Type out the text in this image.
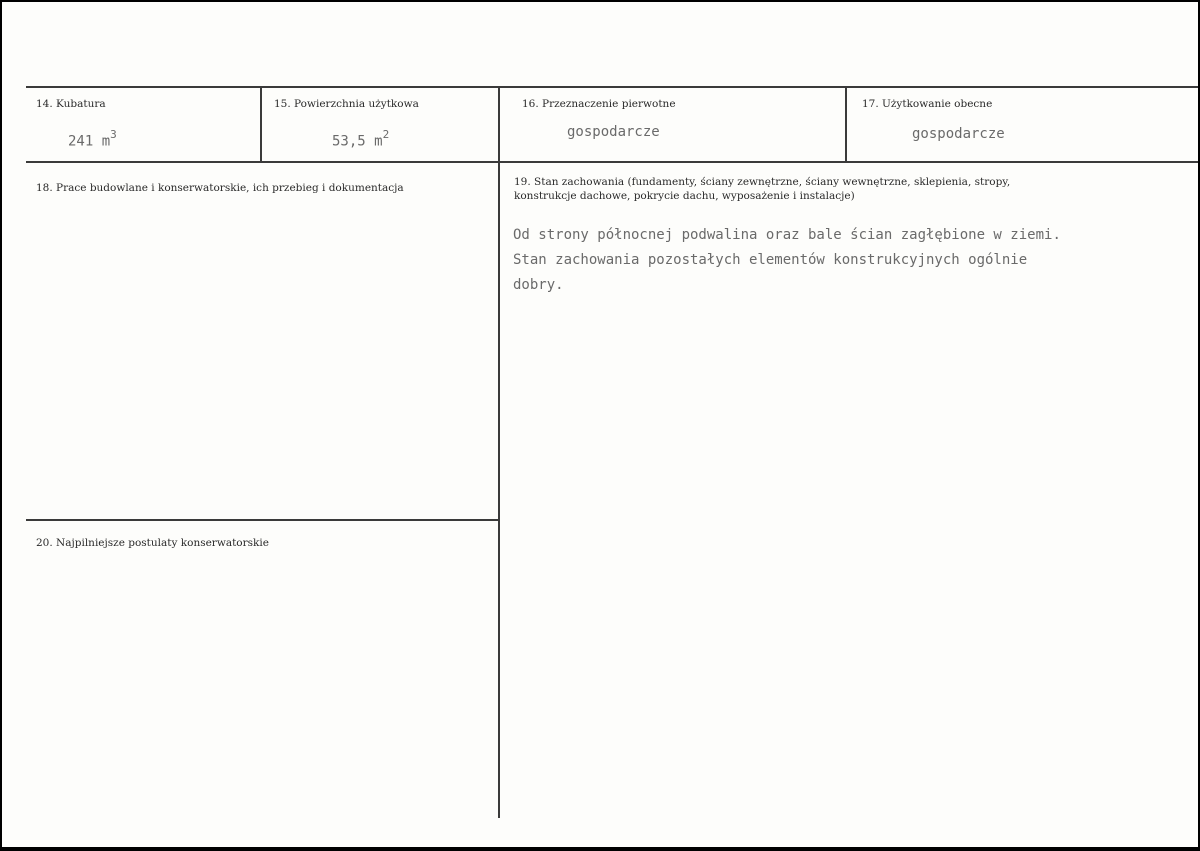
14. Kubatura
241 $m^3$
15. Powierzchnia użytkowa
53,5 $m^2$
16. Przeznaczenie pierwotne
gospodarcze
17. Użytkowanie obecne
gospodarcze
18. Prace budowlane i konserwatorskie, ich przebieg i dokumentacja	19. Stan zachowania (fundamenty, ściany zewnętrzne, ściany wewnętrzne, sklepienia, stropy,
konstrukcje dachowe, pokrycie dachu, wyposażenie i instalacje)
Od strony północnej podwalina oraz bale ścian zagłębione w ziemi.
Stan zachowania pozostałych elementów konstrukcyjnych ogólnie
dobry.
20. Najpilniejsze postulaty konserwatorskie
